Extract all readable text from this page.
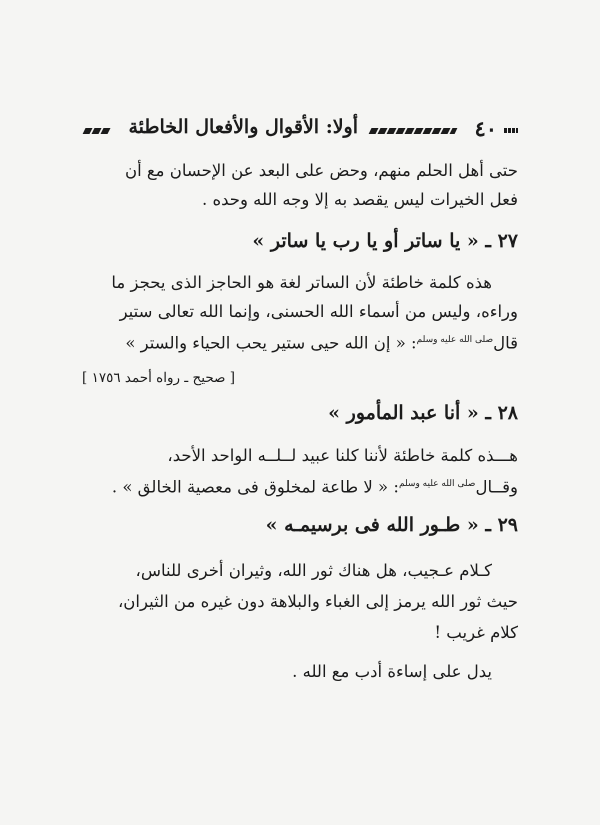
٤٠
أولا: الأقوال والأفعال الخاطئة
حتى أهل الحلم منهم، وحض على البعد عن الإحسان مع أن
فعل الخيرات ليس يقصد به إلا وجه الله وحده .
٢٧ ـ « يا ساتر أو يا رب يا ساتر »
هذه كلمة خاطئة لأن الساتر لغة هو الحاجز الذى يحجز ما
وراءه، وليس من أسماء الله الحسنى، وإنما الله تعالى ستير
قالصلى الله عليه وسلم: « إن الله حيى ستير يحب الحياء والستر »
[ صحيح ـ رواه أحمد ١٧٥٦ ]
٢٨ ـ « أنا عبد المأمور »
هـــذه كلمة خاطئة لأننا كلنا عبيد لــلــه الواحد الأحد،
وقــالصلى الله عليه وسلم: « لا طاعة لمخلوق فى معصية الخالق » .
٢٩ ـ « طـور الله فى برسيمـه »
كـلام عـجيب، هل هناك ثور الله، وثيران أخرى للناس،
حيث ثور الله يرمز إلى الغباء والبلاهة دون غيره من الثيران،
كلام غريب !
يدل على إساءة أدب مع الله .
